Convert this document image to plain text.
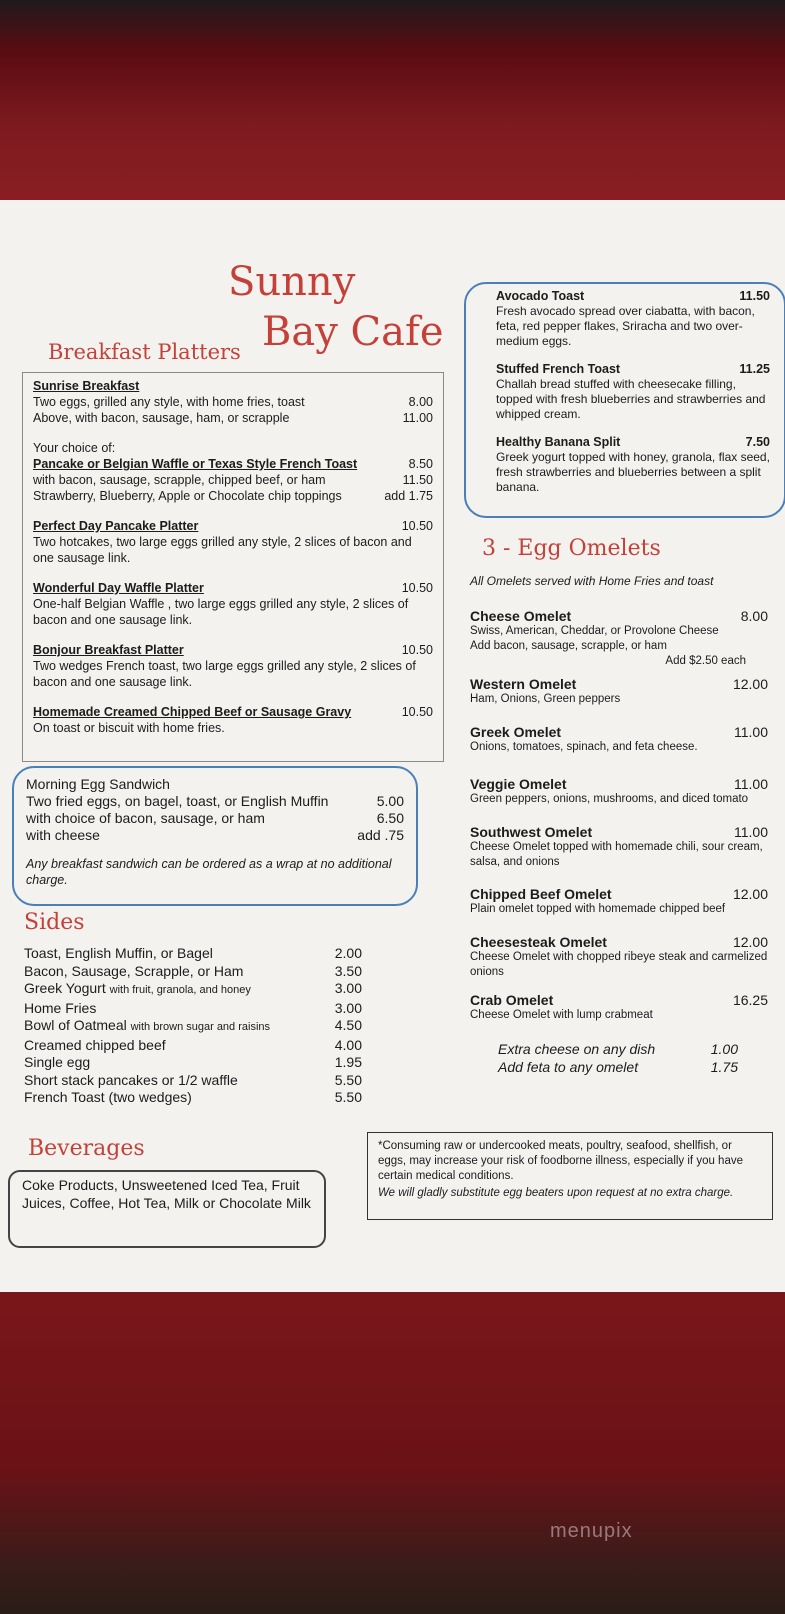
Sunny
Bay Cafe
Breakfast Platters
Sunrise Breakfast
Two eggs, grilled any style, with home fries, toast	8.00
Above, with bacon, sausage, ham, or scrapple	11.00
Your choice of:
Pancake or Belgian Waffle or Texas Style French Toast	8.50
with bacon, sausage, scrapple, chipped beef, or ham	11.50
Strawberry, Blueberry, Apple or Chocolate chip toppings	add 1.75
Perfect Day Pancake Platter	10.50
Two hotcakes, two large eggs grilled any style, 2 slices of bacon and one sausage link.
Wonderful Day Waffle Platter	10.50
One-half Belgian Waffle , two large eggs grilled any style, 2 slices of bacon and one sausage link.
Bonjour Breakfast Platter	10.50
Two wedges French toast, two large eggs grilled any style, 2 slices of bacon and one sausage link.
Homemade Creamed Chipped Beef or Sausage Gravy	10.50
On toast or biscuit with home fries.
Morning Egg Sandwich
Two fried eggs, on bagel, toast, or English Muffin	5.00
with choice of bacon, sausage, or ham	6.50
with cheese	add .75
Any breakfast sandwich can be ordered as a wrap at no additional charge.
Sides
Toast, English Muffin, or Bagel	2.00
Bacon, Sausage, Scrapple, or Ham	3.50
Greek Yogurt with fruit, granola, and honey	3.00
Home Fries	3.00
Bowl of Oatmeal with brown sugar and raisins	4.50
Creamed chipped beef	4.00
Single egg	1.95
Short stack pancakes or 1/2 waffle	5.50
French Toast (two wedges)	5.50
Beverages
Coke Products, Unsweetened Iced Tea, Fruit Juices, Coffee, Hot Tea, Milk or Chocolate Milk
Avocado Toast	11.50
Fresh avocado spread over ciabatta, with bacon, feta, red pepper flakes, Sriracha and two over-medium eggs.
Stuffed French Toast	11.25
Challah bread stuffed with cheesecake filling, topped with fresh blueberries and strawberries and whipped cream.
Healthy Banana Split	7.50
Greek yogurt topped with honey, granola, flax seed, fresh strawberries and blueberries between a split banana.
3 - Egg Omelets
All Omelets served with Home Fries and toast
Cheese Omelet	8.00
Swiss, American, Cheddar, or Provolone Cheese
Add bacon, sausage, scrapple, or ham
Add $2.50 each
Western Omelet	12.00
Ham, Onions, Green peppers
Greek Omelet	11.00
Onions, tomatoes, spinach, and feta cheese.
Veggie Omelet	11.00
Green peppers, onions, mushrooms, and diced tomato
Southwest Omelet	11.00
Cheese Omelet topped with homemade chili, sour cream, salsa, and onions
Chipped Beef Omelet	12.00
Plain omelet topped with homemade chipped beef
Cheesesteak Omelet	12.00
Cheese Omelet with chopped ribeye steak and carmelized onions
Crab Omelet	16.25
Cheese Omelet with lump crabmeat
Extra cheese on any dish	1.00
Add feta to any omelet	1.75
*Consuming raw or undercooked meats, poultry, seafood, shellfish, or eggs, may increase your risk of foodborne illness, especially if you have certain medical conditions.
We will gladly substitute egg beaters upon request at no extra charge.
menupix
